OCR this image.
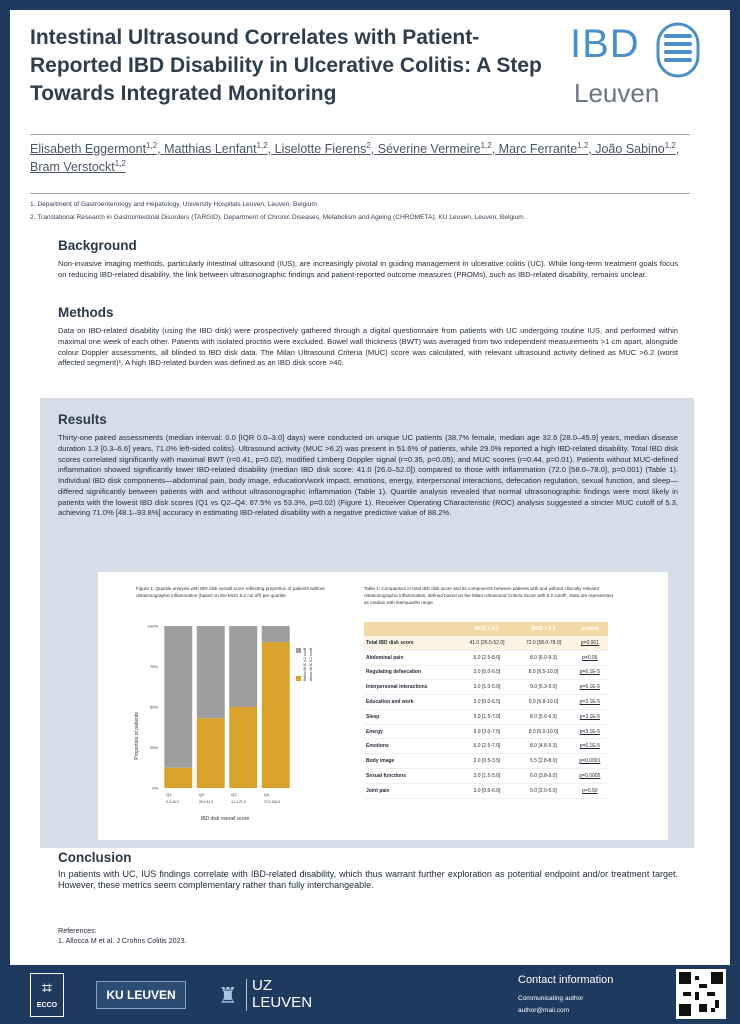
Intestinal Ultrasound Correlates with Patient-Reported IBD Disability in Ulcerative Colitis: A Step Towards Integrated Monitoring
IBD
Leuven
Elisabeth Eggermont$^{1,2}$, Matthias Lenfant$^{1,2}$, Liselotte Fierens$^2$, Séverine Vermeire$^{1,2}$, Marc Ferrante$^{1,2}$, João Sabino$^{1,2}$, Bram Verstockt$^{1,2}$
1. Department of Gastroenterology and Hepatology, University Hospitals Leuven, Leuven, Belgium
2. Translational Research in Gastrointestinal Disorders (TARGID), Department of Chronic Diseases, Metabolism and Ageing (CHROMETA), KU Leuven, Leuven, Belgium .
Background

Non-invasive imaging methods, particularly intestinal ultrasound (IUS), are increasingly pivotal in guiding management in ulcerative colitis (UC). While long-term treatment goals focus on reducing IBD-related disability, the link between ultrasonographic findings and patient-reported outcome measures (PROMs), such as IBD-related disability, remains unclear.

Methods

Data on IBD-related disability (using the IBD disk) were prospectively gathered through a digital questionnaire from patients with UC undergoing routine IUS, and performed within maximal one week of each other. Patients with isolated proctitis were excluded. Bowel wall thickness (BWT) was averaged from two independent measurements >1 cm apart, alongside colour Doppler assessments, all blinded to IBD disk data. The Milan Ultrasound Criteria (MUC) score was calculated, with relevant ultrasound activity defined as MUC >6.2 (worst affected segment)¹. A high IBD-related burden was defined as an IBD disk score >40.

Results

Thirty-one paired assessments (median interval: 0.0 [IQR 0.0–3.0] days) were conducted on unique UC patients (38.7% female, median age 32.6 [28.0–45.9] years, median disease duration 1.3 [0.3–6.6] years, 71.0% left-sided colitis). Ultrasound activity (MUC >6.2) was present in 51.6% of patients, while 29.0% reported a high IBD-related disability. Total IBD disk scores correlated significantly with maximal BWT (r=0.41, p=0.02), modified Limberg Doppler signal (r=0.35, p=0.05), and MUC scores (r=0.44, p=0.01). Patients without MUC-defined inflammation showed significantly lower IBD-related disability (median IBD disk score: 41.0 [26.0–52.0]) compared to those with inflammation (72.0 [58.0–78.0], p=0.001) (Table 1). Individual IBD disk components—abdominal pain, body image, education/work impact, emotions, energy, interpersonal interactions, defecation regulation, sexual function, and sleep—differed significantly between patients with and without ultrasonographic inflammation (Table 1). Quartile analysis revealed that normal ultrasonographic findings were most likely in patients with the lowest IBD disk scores (Q1 vs Q2–Q4: 87.5% vs 53.3%, p=0.02) (Figure 1). Receiver Operating Characteristic (ROC) analysis suggested a stricter MUC cutoff of 5.3, achieving 71.0% [48.1–93.8%] accuracy in estimating IBD-related disability with a negative predictive value of 88.2%.

Figure 1: Quartile analysis with IBD disk overall score reflecting proportion of patients without ultrasonographic inflammation (based on the MUC 6.2 cut off) per quartile.
Proportion of patients
0%
25%
50%
75%
100%
Q1
0.0-26.0
Q2
26.0-41.0
Q3
41.0-71.0
Q4
72.0-100.0
IBD disk overall score
Below MUC 6.2 cutoff Above MUC 6.2 cutoff
Table 1: Comparison in total IBD disk score and its components between patients with and without clinically relevant ultrasonographic inflammation, defined based on the Milan Ultrasound Criteria Score with 6.2 cutoff¹. Data are represented as median with interquartile range.
	MUC ≤ 6.2	MUC > 6.2	p-value
Total IBD disk score	41.0 [26.0-52.0]	72.0 [58.0-78.0]	p=0.001
Abdominal pain	6.0 [2.5-8.0]	8.0 [6.0-9.3]	p=0.05
Regulating defaecation	3.0 [0.0-6.5]	8.0 [6.5-10.0]	p=6.1E-5
Interpersonal interactions	3.0 [1.0-5.0]	9.0 [5.3-9.0]	p=6.1E-5
Education and work	3.0 [0.0-6.5]	9.0 [6.8-10.0]	p=3.1E-5
Sleep	5.0 [1.5-7.0]	8.0 [5.0-9.3]	p=3.1E-5
Energy	6.0 [3.0-7.5]	8.0 [6.0-10.0]	p=3.1E-5
Emotions	6.0 [2.5-7.0]	8.0 [4.8-9.3]	p=6.1E-5
Body image	2.0 [0.5-3.5]	5.5 [2.8-8.0]	p=0.0001
Sexual functions	3.0 [1.5-5.0]	6.0 [3.8-9.0]	p=0.0005
Joint pain	3.0 [0.5-6.0]	5.0 [2.0-5.0]	p=0.50
Conclusion

In patients with UC, IUS findings correlate with IBD-related disability, which thus warrant further exploration as potential endpoint and/or treatment target. However, these metrics seem complementary rather than fully interchangeable.

References:
1. Allocca M et al. J Crohns Colitis 2023.
⌗
ECCO
KU LEUVEN	♜ UZ
LEUVEN
Contact information
Communicating author
author@mail.com
